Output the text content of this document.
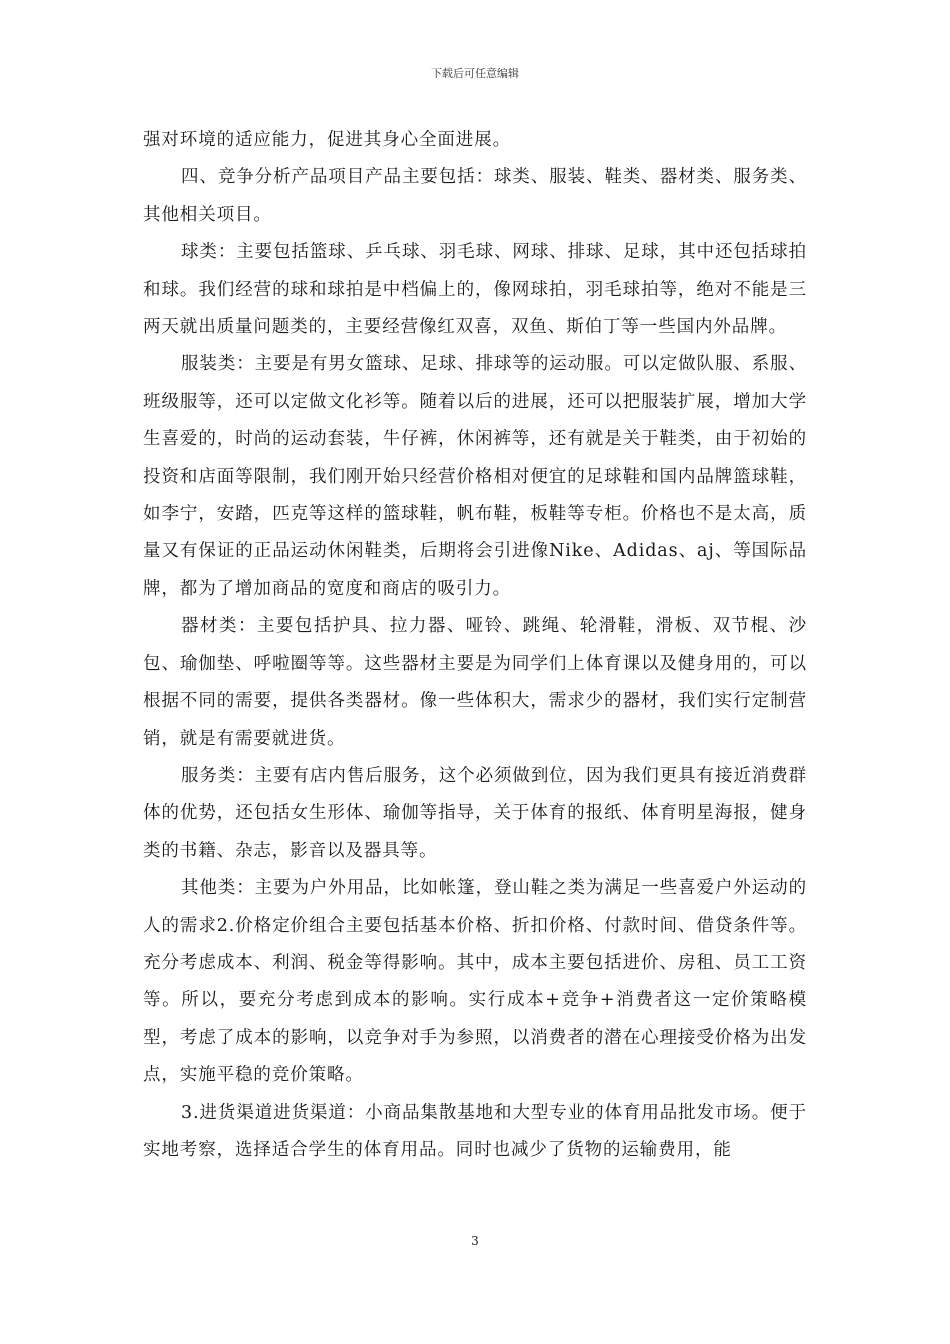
下载后可任意编辑

强对环境的适应能力，促进其身心全面进展。

四、竞争分析产品项目产品主要包括：球类、服装、鞋类、器材类、服务类、其他相关项目。

球类：主要包括篮球、乒乓球、羽毛球、网球、排球、足球，其中还包括球拍和球。我们经营的球和球拍是中档偏上的，像网球拍，羽毛球拍等，绝对不能是三两天就出质量问题类的，主要经营像红双喜，双鱼、斯伯丁等一些国内外品牌。

服装类：主要是有男女篮球、足球、排球等的运动服。可以定做队服、系服、班级服等，还可以定做文化衫等。随着以后的进展，还可以把服装扩展，增加大学生喜爱的，时尚的运动套装，牛仔裤，休闲裤等，还有就是关于鞋类，由于初始的投资和店面等限制，我们刚开始只经营价格相对便宜的足球鞋和国内品牌篮球鞋，如李宁，安踏，匹克等这样的篮球鞋，帆布鞋，板鞋等专柜。价格也不是太高，质量又有保证的正品运动休闲鞋类，后期将会引进像Nike、Adidas、aj、等国际品牌，都为了增加商品的宽度和商店的吸引力。

器材类：主要包括护具、拉力器、哑铃、跳绳、轮滑鞋，滑板、双节棍、沙包、瑜伽垫、呼啦圈等等。这些器材主要是为同学们上体育课以及健身用的，可以根据不同的需要，提供各类器材。像一些体积大，需求少的器材，我们实行定制营销，就是有需要就进货。

服务类：主要有店内售后服务，这个必须做到位，因为我们更具有接近消费群体的优势，还包括女生形体、瑜伽等指导，关于体育的报纸、体育明星海报，健身类的书籍、杂志，影音以及器具等。

其他类：主要为户外用品，比如帐篷，登山鞋之类为满足一些喜爱户外运动的人的需求2.价格定价组合主要包括基本价格、折扣价格、付款时间、借贷条件等。充分考虑成本、利润、税金等得影响。其中，成本主要包括进价、房租、员工工资等。所以，要充分考虑到成本的影响。实行成本+竞争+消费者这一定价策略模型，考虑了成本的影响，以竞争对手为参照，以消费者的潜在心理接受价格为出发点，实施平稳的竞价策略。

3.进货渠道进货渠道：小商品集散基地和大型专业的体育用品批发市场。便于实地考察，选择适合学生的体育用品。同时也减少了货物的运输费用，能

3
